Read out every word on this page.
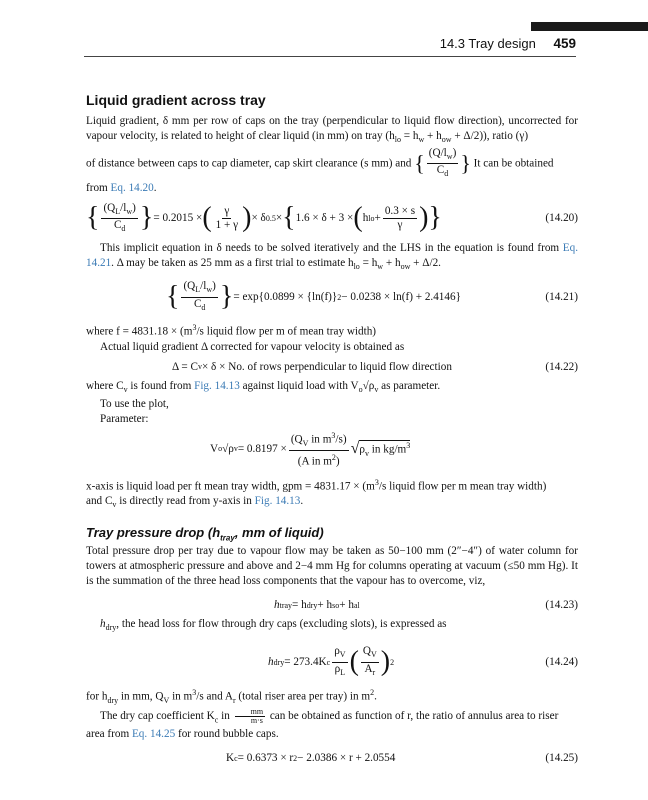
14.3 Tray design 459
Liquid gradient across tray

Liquid gradient, δ mm per row of caps on the tray (perpendicular to liquid flow direction), uncorrected for vapour velocity, is related to height of clear liquid (in mm) on tray $(h_{lo} = h_w + h_{ow} + \Delta/2)$), ratio (γ)
of distance between caps to cap diameter, cap skirt clearance (s mm) and { $\frac{(Q/l_w)}{C_d}$ } It can be obtained
from Eq. 14.20.

{ $\frac{(Q_L/l_w)}{C_d}$ } = 0.2015 × ( $\frac{\gamma}{1 + \gamma}$ ) × δ 0.5 × { 1.6 × δ + 3 × ( h lo + $\frac{0.3 \times s}{\gamma}$ )}	(14.20)

This implicit equation in δ needs to be solved iteratively and the LHS in the equation is found from Eq. 14.21. Δ may be taken as 25 mm as a first trial to estimate $h_{lo} = h_w + h_{ow} + \Delta/2$.

{ $\frac{(Q_L/l_w)}{C_d}$ } = exp{0.0899 × {ln(f)} 2 − 0.0238 × ln(f) + 2.4146}	(14.21)

where $f = 4831.18 \times (m^3/s$ liquid flow per m of mean tray width)

Actual liquid gradient Δ corrected for vapour velocity is obtained as

Δ = C v × δ × No. of rows perpendicular to liquid flow direction	(14.22)

where $C_v$ is found from Fig. 14.13 against liquid load with $V_o√\rho_v$ as parameter.

To use the plot,

Parameter:

V o √ρ $v = 0.8197 \times \frac{(Q_V in m^3/s)}{(A in m^2)}$ √ $\rho_v$ in $kg/m^3$

x-axis is liquid load per ft mean tray width, gpm = $4831.17 \times (m^3/s$ liquid flow per m mean tray width)
and $C_v$ is directly read from y-axis in Fig. 14.13.

Tray pressure drop ($h_{tray}$, mm of liquid)

Total pressure drop per tray due to vapour flow may be taken as 50−100 mm (2″−4″) of water column for towers at atmospheric pressure and above and 2−4 mm Hg for columns operating at vacuum (≤50 mm Hg). It is the summation of the three head loss components that the vapour has to overcome, viz,

h tray = h dry + h so + h al	(14.23)

$h_{dry}$, the head loss for flow through dry caps (excluding slots), is expressed as

h dry = 273.4K c $\frac{\rho_V}{\rho_L}$ ( $\frac{Q_V}{A_r}$ ) 2	(14.24)

for $h_{dry}$ in mm, $Q_V$ in $m^3/s$ and $A_r$ (total riser area per tray) in $m^2$.

The dry cap coefficient $K_c$ in $\frac{mm}{m\cdot s}$ can be obtained as function of r, the ratio of annulus area to riser

area from Eq. 14.25 for round bubble caps.

K c = 0.6373 × r 2 − 2.0386 × r + 2.0554	(14.25)
